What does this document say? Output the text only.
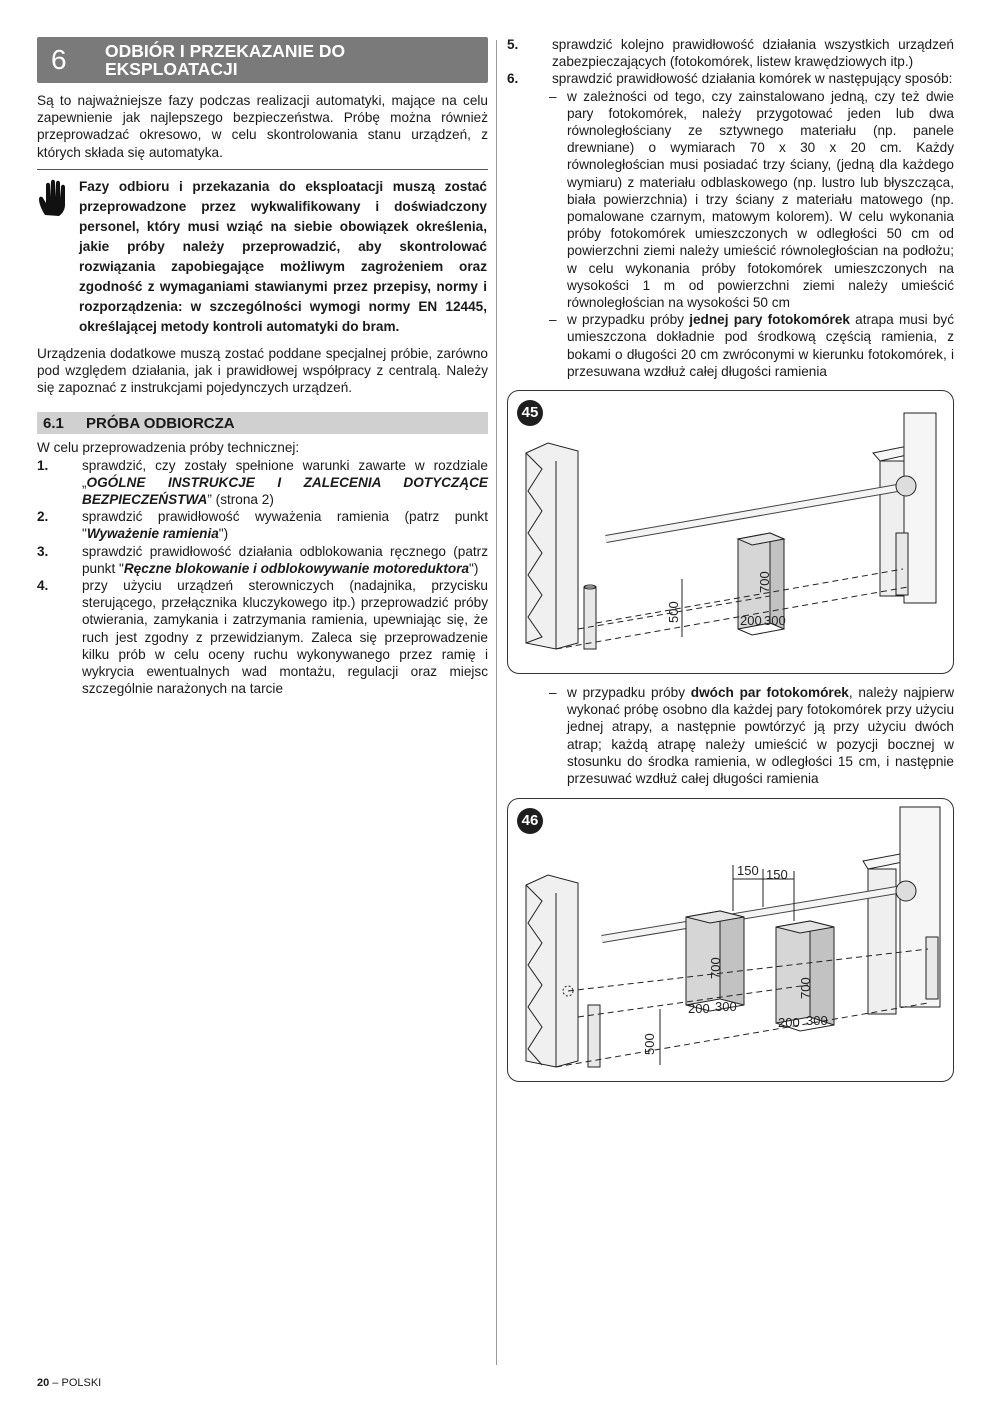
6 ODBIÓR I PRZEKAZANIE DO
EKSPLOATACJI

Są to najważniejsze fazy podczas realizacji automatyki, mające na celu zapewnienie jak najlepszego bezpieczeństwa. Próbę można również przeprowadzać okresowo, w celu skontrolowania stanu urządzeń, z których składa się automatyka.

Fazy odbioru i przekazania do eksploatacji muszą zostać przeprowadzone przez wykwalifikowany i doświadczony personel, który musi wziąć na siebie obowiązek określenia, jakie próby należy przeprowadzić, aby skontrolować rozwiązania zapobiegające możliwym zagrożeniem oraz zgodność z wymaganiami stawianymi przez przepisy, normy i rozporządzenia: w szczególności wymogi normy EN 12445, określającej metody kontroli automatyki do bram.

Urządzenia dodatkowe muszą zostać poddane specjalnej próbie, zarówno pod względem działania, jak i prawidłowej współpracy z centralą. Należy się zapoznać z instrukcjami pojedynczych urządzeń.

6.1 PRÓBA ODBIORCZA

W celu przeprowadzenia próby technicznej:

1. sprawdzić, czy zostały spełnione warunki zawarte w rozdziale „OGÓLNE INSTRUKCJE I ZALECENIA DOTYCZĄCE BEZPIECZEŃSTWA” (strona 2)
2. sprawdzić prawidłowość wyważenia ramienia (patrz punkt "Wyważenie ramienia")
3. sprawdzić prawidłowość działania odblokowania ręcznego (patrz punkt "Ręczne blokowanie i odblokowywanie motoreduktora")
4. przy użyciu urządzeń sterowniczych (nadajnika, przycisku sterującego, przełącznika kluczykowego itp.) przeprowadzić próby otwierania, zamykania i zatrzymania ramienia, upewniając się, że ruch jest zgodny z przewidzianym. Zaleca się przeprowadzenie kilku prób w celu oceny ruchu wykonywanego przez ramię i wykrycia ewentualnych wad montażu, regulacji oraz miejsc szczególnie narażonych na tarcie
5. sprawdzić kolejno prawidłowość działania wszystkich urządzeń zabezpieczających (fotokomórek, listew krawędziowych itp.)
6. sprawdzić prawidłowość działania komórek w następujący sposób:
– w zależności od tego, czy zainstalowano jedną, czy też dwie pary fotokomórek, należy przygotować jeden lub dwa równoległościany ze sztywnego materiału (np. panele drewniane) o wymiarach 70 x 30 x 20 cm. Każdy równoległościan musi posiadać trzy ściany, (jedną dla każdego wymiaru) z materiału odblaskowego (np. lustro lub błyszcząca, biała powierzchnia) i trzy ściany z materiału matowego (np. pomalowane czarnym, matowym kolorem). W celu wykonania próby fotokomórek umieszczonych w odległości 50 cm od powierzchni ziemi należy umieścić równoległościan na podłożu; w celu wykonania próby fotokomórek umieszczonych na wysokości 1 m od powierzchni ziemi należy umieścić równoległościan na wysokości 50 cm
– w przypadku próby jednej pary fotokomórek atrapa musi być umieszczona dokładnie pod środkową częścią ramienia, z bokami o długości 20 cm zwróconymi w kierunku fotokomórek, i przesuwana wzdłuż całej długości ramienia
45
500
700
200 300
– w przypadku próby dwóch par fotokomórek, należy najpierw wykonać próbę osobno dla każdej pary fotokomórek przy użyciu jednej atrapy, a następnie powtórzyć ją przy użyciu dwóch atrap; każdą atrapę należy umieścić w pozycji bocznej w stosunku do środka ramienia, w odległości 15 cm, i następnie przesuwać wzdłuż całej długości ramienia
46
150 150
500
700
200 300
700
200 300
20 – POLSKI
